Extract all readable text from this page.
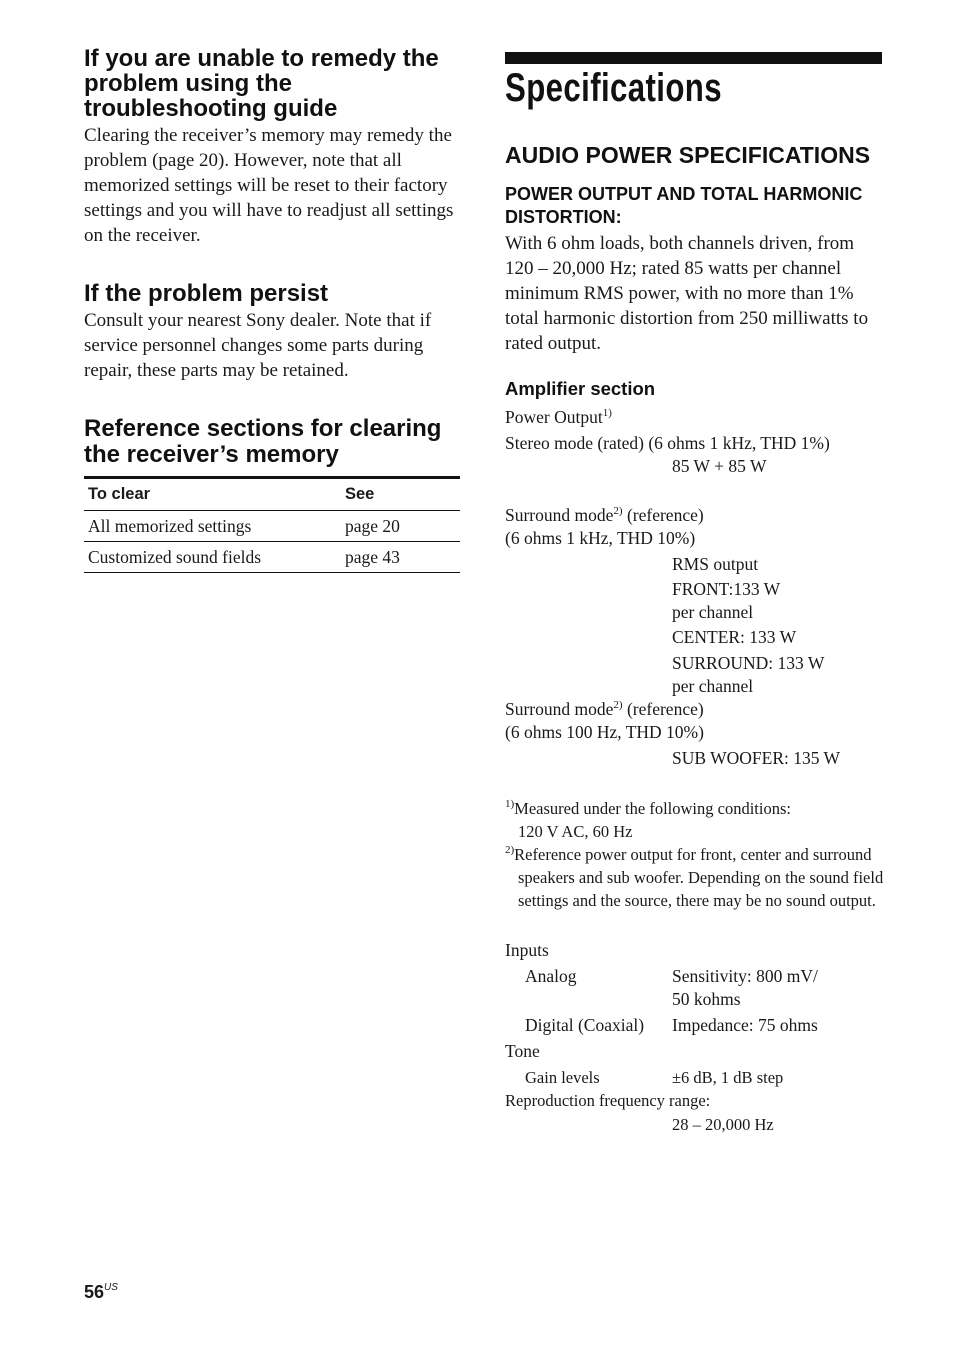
If you are unable to remedy the problem using the troubleshooting guide

Clearing the receiver’s memory may remedy the problem (page 20). However, note that all memorized settings will be reset to their factory settings and you will have to readjust all settings on the receiver.

If the problem persist

Consult your nearest Sony dealer. Note that if service personnel changes some parts during repair, these parts may be retained.

Reference sections for clearing the receiver’s memory
To clear	See
All memorized settings	page 20
Customized sound fields	page 43
Specifications
AUDIO POWER SPECIFICATIONS
POWER OUTPUT AND TOTAL HARMONIC DISTORTION:

With 6 ohm loads, both channels driven, from 120 – 20,000 Hz; rated 85 watts per channel minimum RMS power, with no more than 1% total harmonic distortion from 250 milliwatts to rated output.

Amplifier section
Power Output$^{1)}$
Stereo mode (rated) (6 ohms 1 kHz, THD 1%)
85 W + 85 W
Surround mode$^{2)}$ (reference)
(6 ohms 1 kHz, THD 10%)
RMS output
FRONT:133 W
per channel
CENTER: 133 W
SURROUND: 133 W
per channel
Surround mode$^{2)}$ (reference)
(6 ohms 100 Hz, THD 10%)
SUB WOOFER: 135 W
$^{1)}$Measured under the following conditions:
120 V AC, 60 Hz
$^{2)}$Reference power output for front, center and surround speakers and sub woofer. Depending on the sound field settings and the source, there may be no sound output.
Inputs
Analog	Sensitivity: 800 mV/
50 kohms
Digital (Coaxial) Impedance: 75 ohms
Tone
Gain levels	±6 dB, 1 dB step
Reproduction frequency range:
28 – 20,000 Hz
$56^{US}$
